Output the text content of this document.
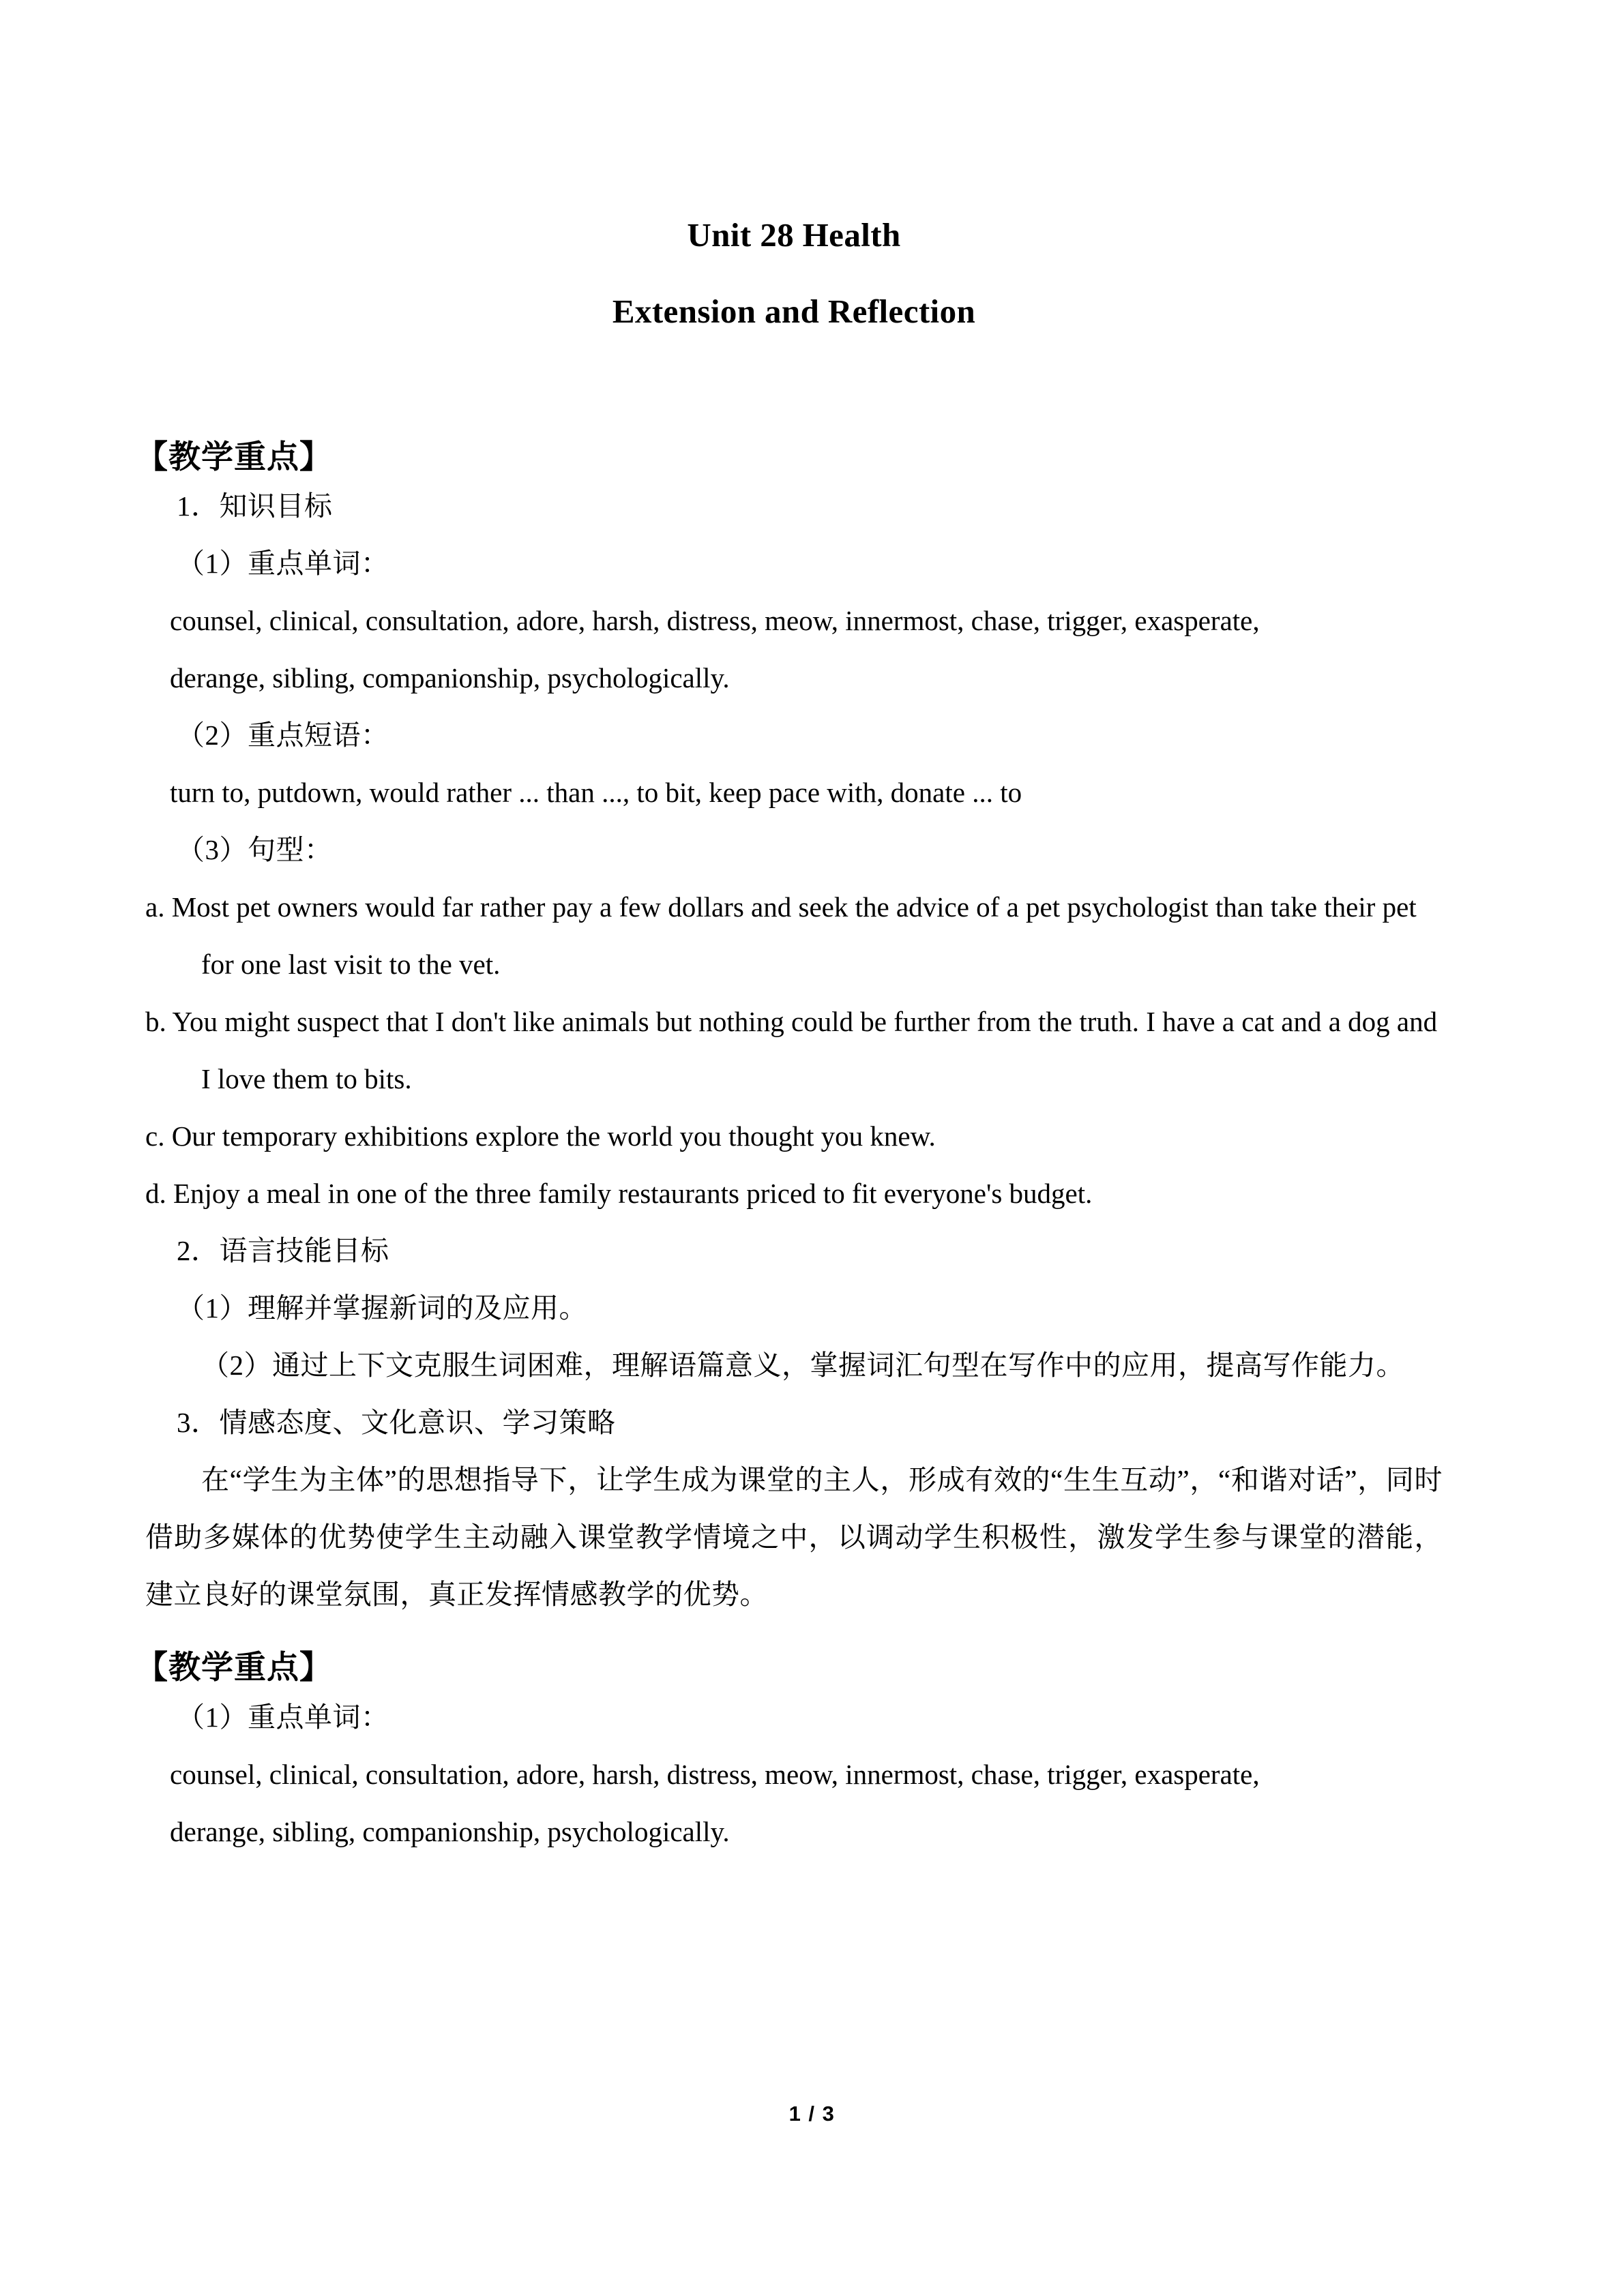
Unit 28 Health
Extension and Reflection
【教学重点】

1．知识目标

（1）重点单词：

counsel, clinical, consultation, adore, harsh, distress, meow, innermost, chase, trigger, exasperate,

derange, sibling, companionship, psychologically.

（2）重点短语：

turn to, putdown, would rather ... than ..., to bit, keep pace with, donate ... to

（3）句型：

a. Most pet owners would far rather pay a few dollars and seek the advice of a pet psychologist than take their pet for one last visit to the vet.

b. You might suspect that I don't like animals but nothing could be further from the truth. I have a cat and a dog and I love them to bits.

c. Our temporary exhibitions explore the world you thought you knew.

d. Enjoy a meal in one of the three family restaurants priced to fit everyone's budget.

2．语言技能目标

（1）理解并掌握新词的及应用。

（2）通过上下文克服生词困难，理解语篇意义，掌握词汇句型在写作中的应用，提高写作能力。

3．情感态度、文化意识、学习策略

在“学生为主体”的思想指导下，让学生成为课堂的主人，形成有效的“生生互动”，“和谐对话”，同时借助多媒体的优势使学生主动融入课堂教学情境之中，以调动学生积极性，激发学生参与课堂的潜能，建立良好的课堂氛围，真正发挥情感教学的优势。

【教学重点】

（1）重点单词：

counsel, clinical, consultation, adore, harsh, distress, meow, innermost, chase, trigger, exasperate,

derange, sibling, companionship, psychologically.

1 / 3
